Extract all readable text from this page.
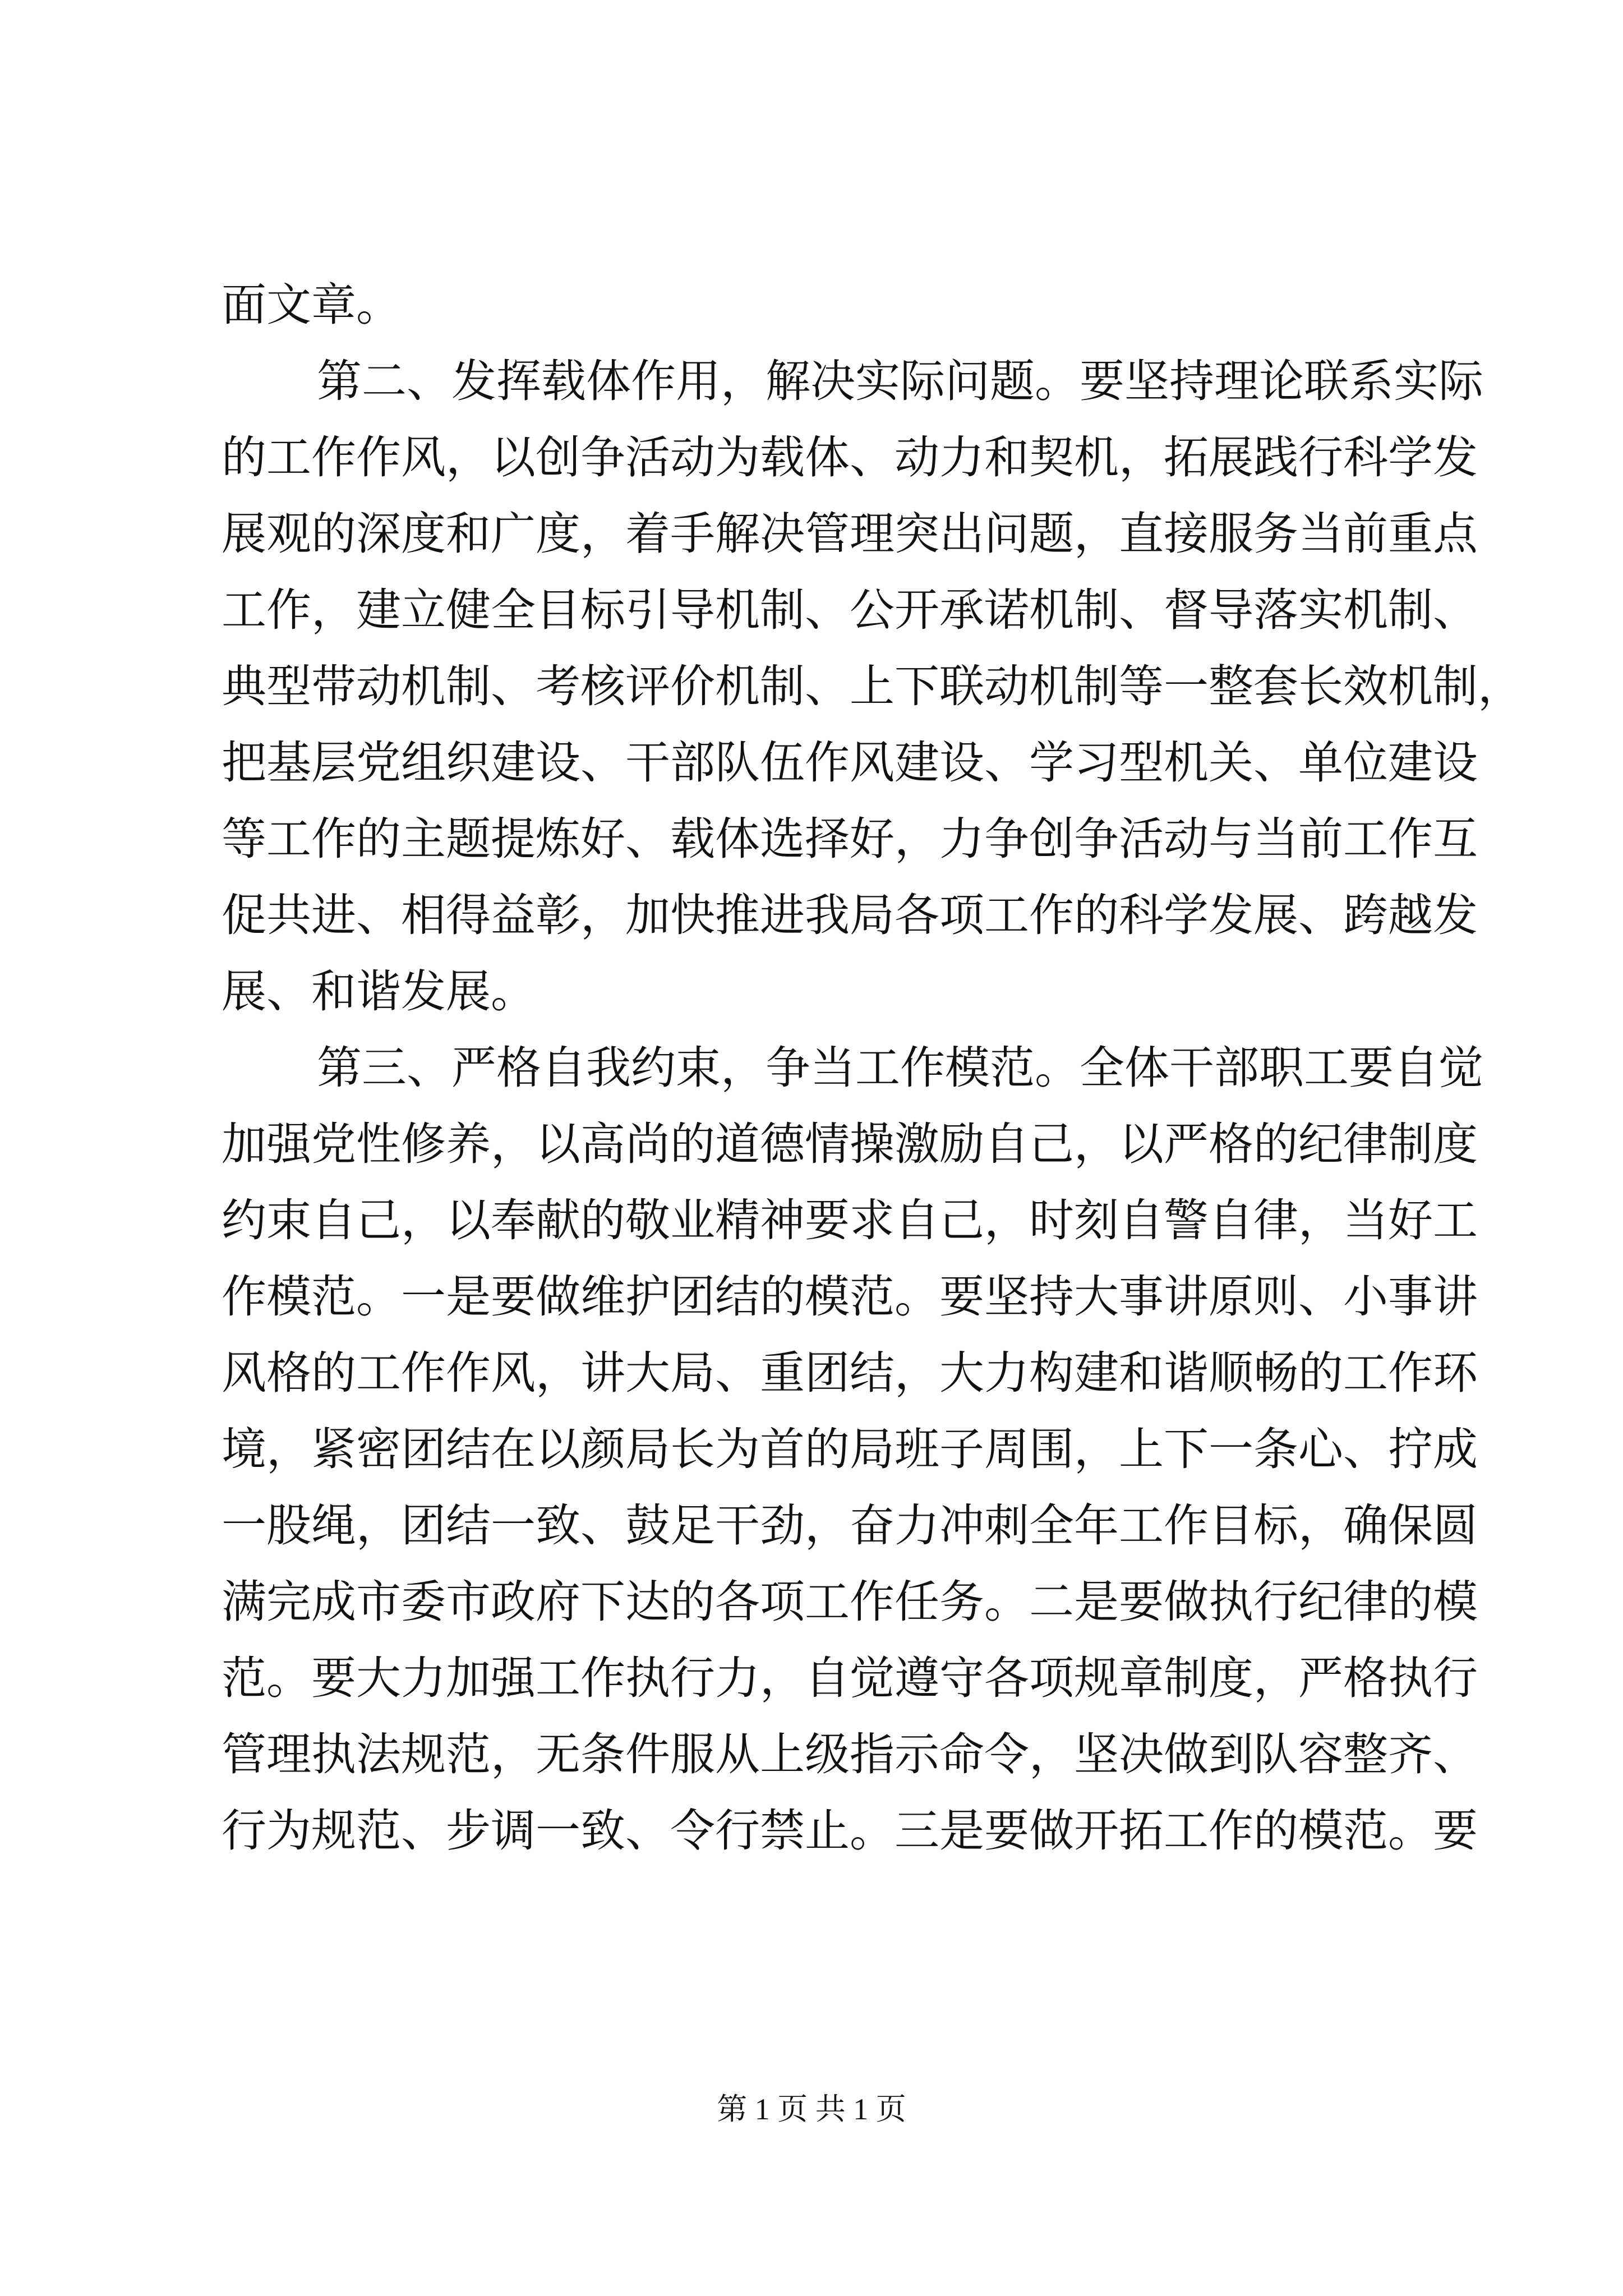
面文章。
第二、发挥载体作用，解决实际问题。要坚持理论联系实际
的工作作风，以创争活动为载体、动力和契机，拓展践行科学发
展观的深度和广度，着手解决管理突出问题，直接服务当前重点
工作，建立健全目标引导机制、公开承诺机制、督导落实机制、
典型带动机制、考核评价机制、上下联动机制等一整套长效机制，
把基层党组织建设、干部队伍作风建设、学习型机关、单位建设
等工作的主题提炼好、载体选择好，力争创争活动与当前工作互
促共进、相得益彰，加快推进我局各项工作的科学发展、跨越发
展、和谐发展。
第三、严格自我约束，争当工作模范。全体干部职工要自觉
加强党性修养，以高尚的道德情操激励自己，以严格的纪律制度
约束自己，以奉献的敬业精神要求自己，时刻自警自律，当好工
作模范。一是要做维护团结的模范。要坚持大事讲原则、小事讲
风格的工作作风，讲大局、重团结，大力构建和谐顺畅的工作环
境，紧密团结在以颜局长为首的局班子周围，上下一条心、拧成
一股绳，团结一致、鼓足干劲，奋力冲刺全年工作目标，确保圆
满完成市委市政府下达的各项工作任务。二是要做执行纪律的模
范。要大力加强工作执行力，自觉遵守各项规章制度，严格执行
管理执法规范，无条件服从上级指示命令，坚决做到队容整齐、
行为规范、步调一致、令行禁止。三是要做开拓工作的模范。要
第 1 页 共 1 页
